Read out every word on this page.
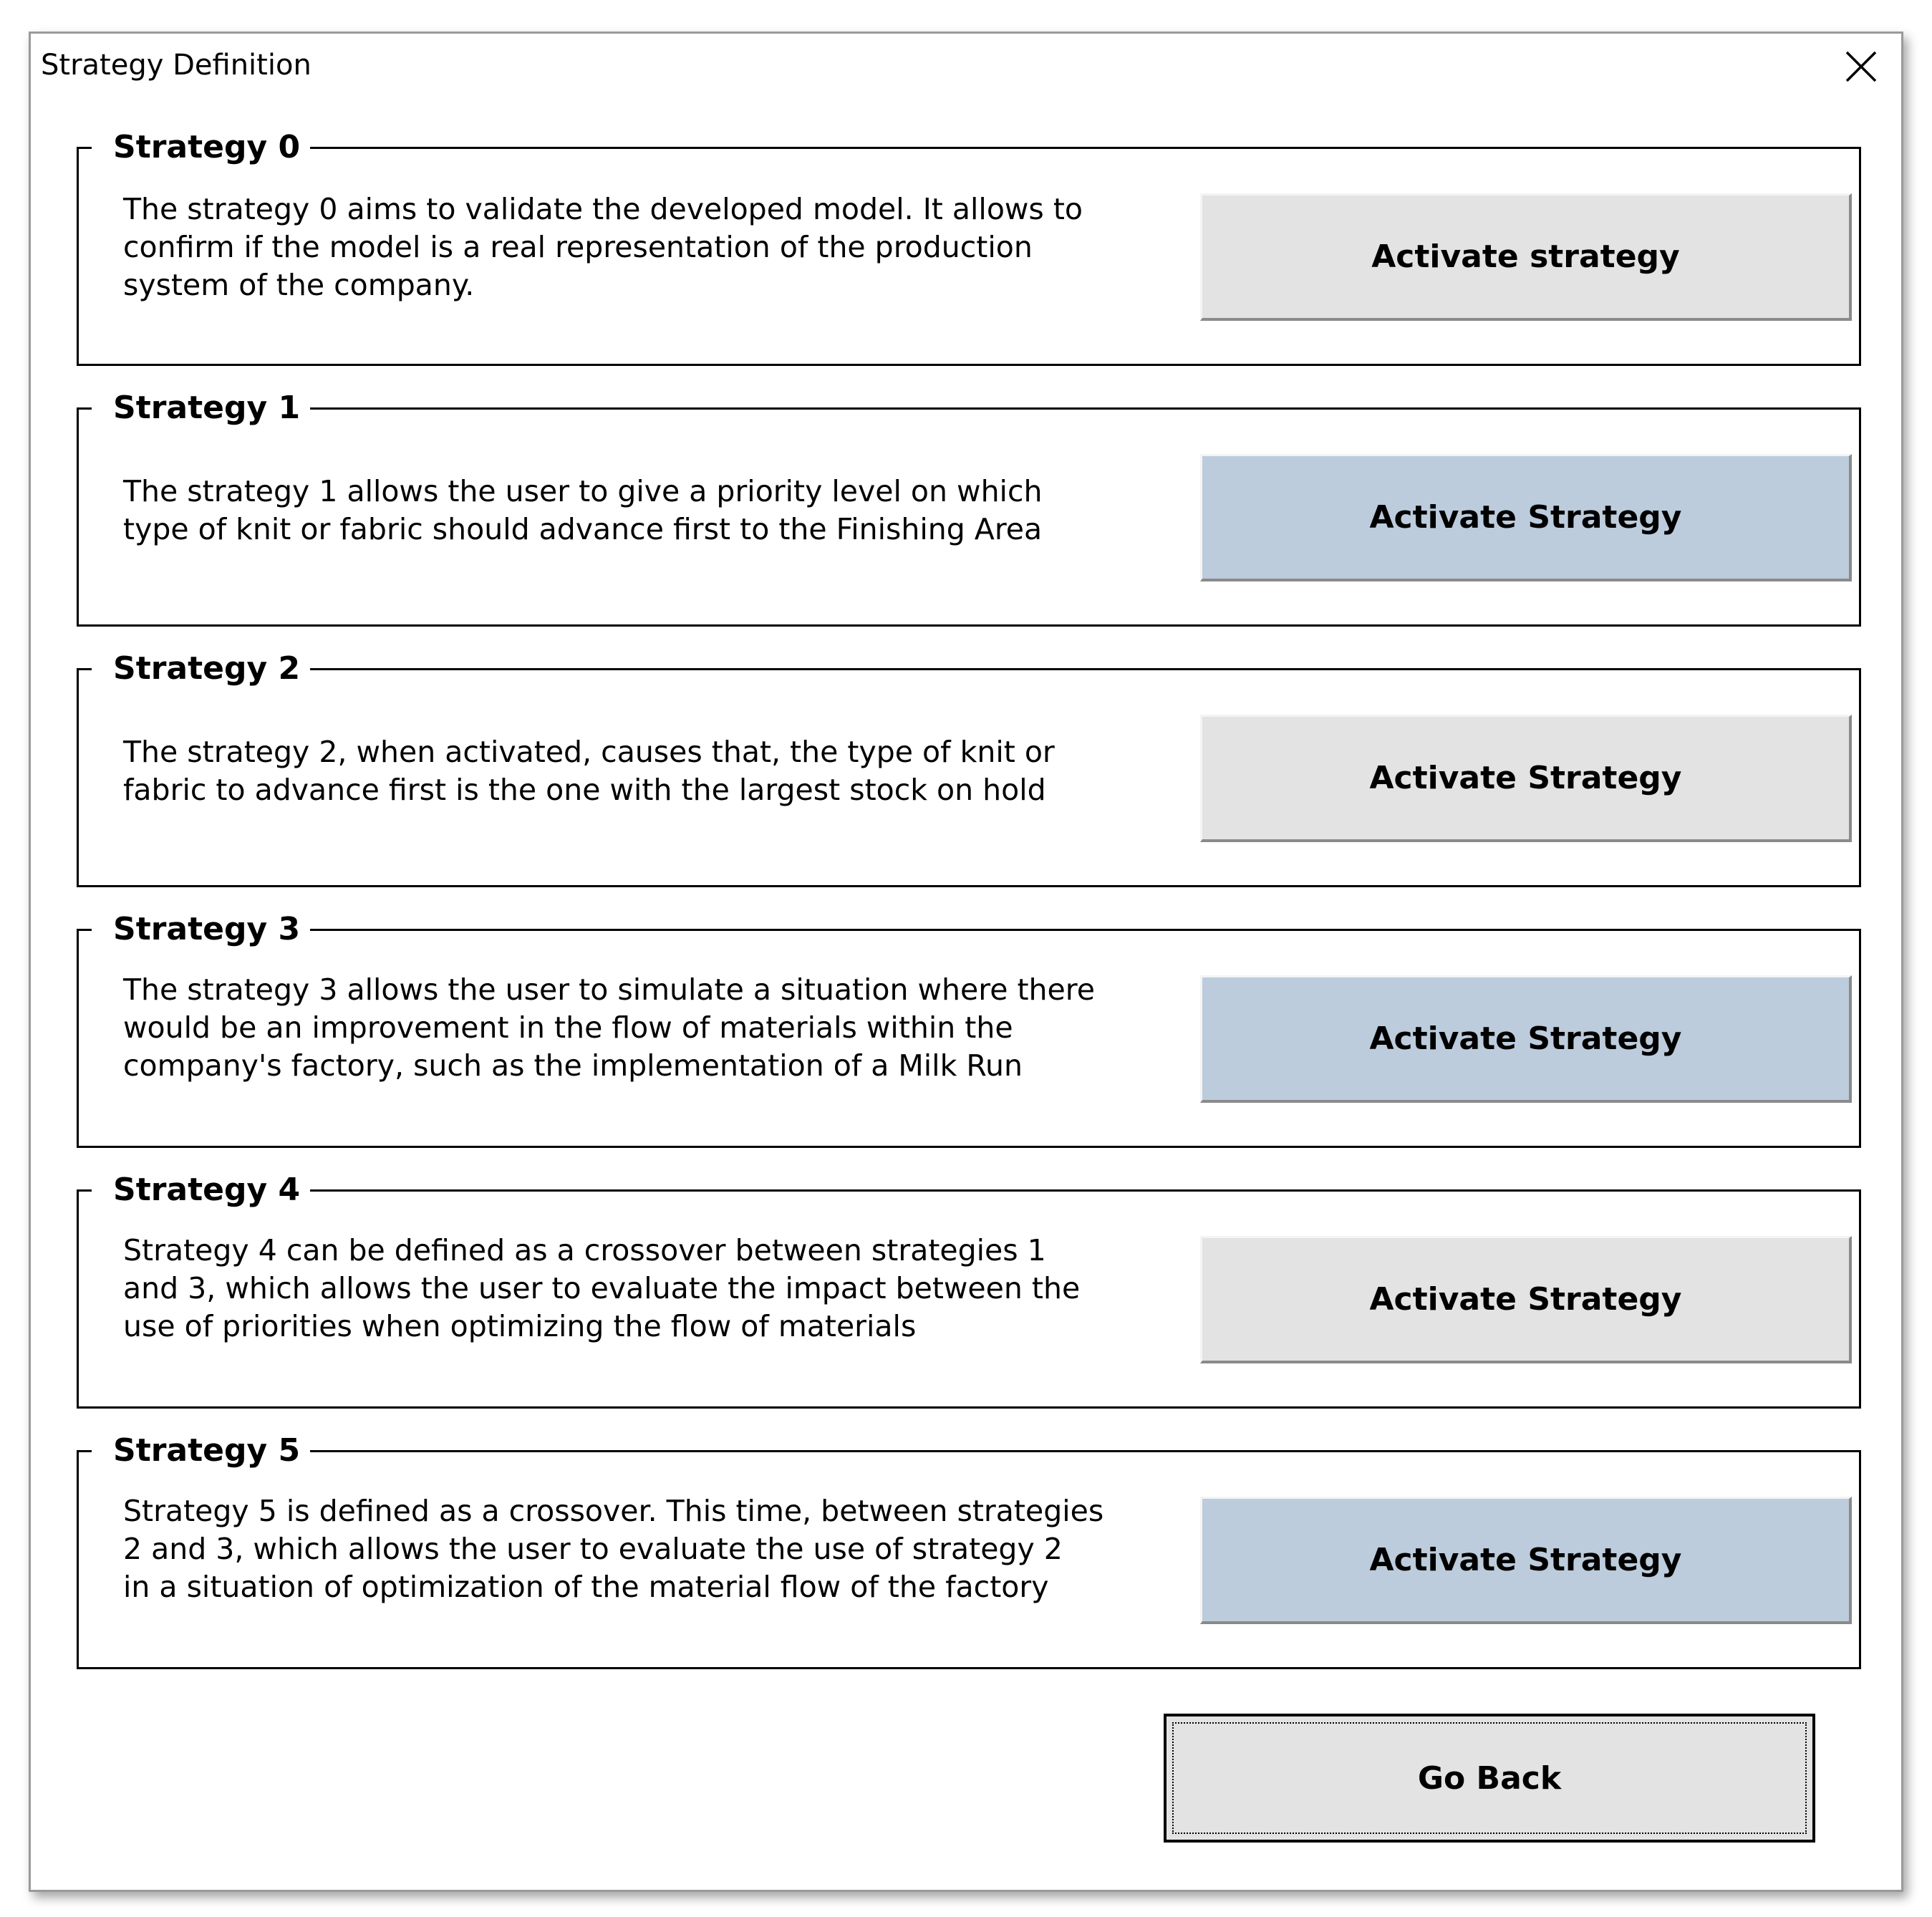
Strategy Definition
Strategy 0
The strategy 0 aims to validate the developed model. It allows to
confirm if the model is a real representation of the production
system of the company.
Activate strategy
Strategy 1
The strategy 1 allows the user to give a priority level on which
type of knit or fabric should advance first to the Finishing Area	Activate Strategy
Strategy 2
The strategy 2, when activated, causes that, the type of knit or
fabric to advance first is the one with the largest stock on hold	Activate Strategy
Strategy 3
The strategy 3 allows the user to simulate a situation where there
would be an improvement in the flow of materials within the
company's factory, such as the implementation of a Milk Run
Activate Strategy
Strategy 4
Strategy 4 can be defined as a crossover between strategies 1
and 3, which allows the user to evaluate the impact between the
use of priorities when optimizing the flow of materials
Activate Strategy
Strategy 5
Strategy 5 is defined as a crossover. This time, between strategies
2 and 3, which allows the user to evaluate the use of strategy 2
in a situation of optimization of the material flow of the factory
Activate Strategy
Go Back
